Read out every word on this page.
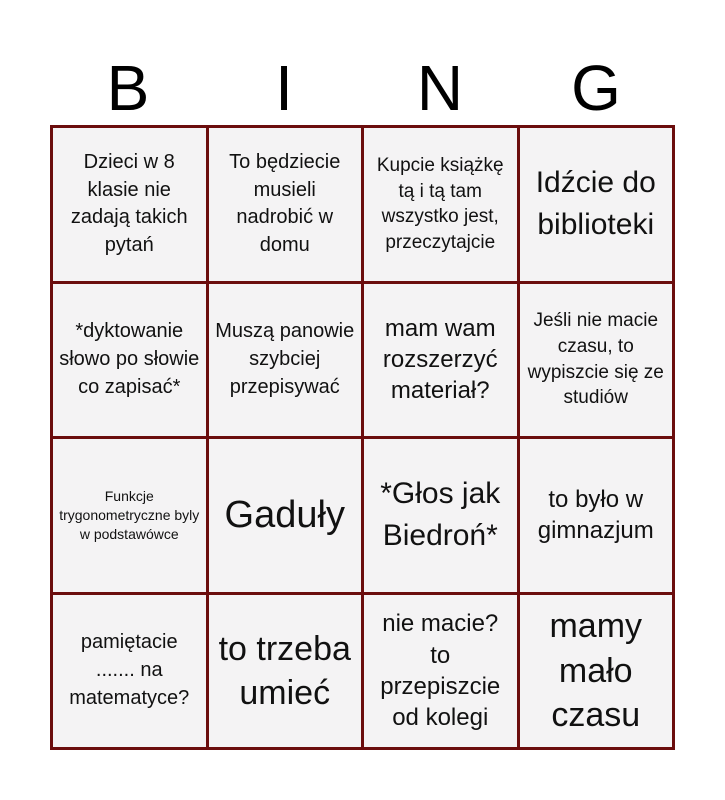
B	I	N	G
Dzieci w 8 klasie nie zadają takich pytań
To będziecie musieli nadrobić w domu
Kupcie książkę tą i tą tam wszystko jest, przeczytajcie
Idźcie do biblioteki
*dyktowanie słowo po słowie co zapisać*
Muszą panowie szybciej przepisywać
mam wam rozszerzyć materiał?
Jeśli nie macie czasu, to wypiszcie się ze studiów
Funkcje trygonometryczne byly w podstawówce	Gaduły
*Głos jak Biedroń*
to było w gimnazjum
pamiętacie ....... na matematyce?
to trzeba umieć
nie macie? to przepiszcie od kolegi
mamy mało czasu
